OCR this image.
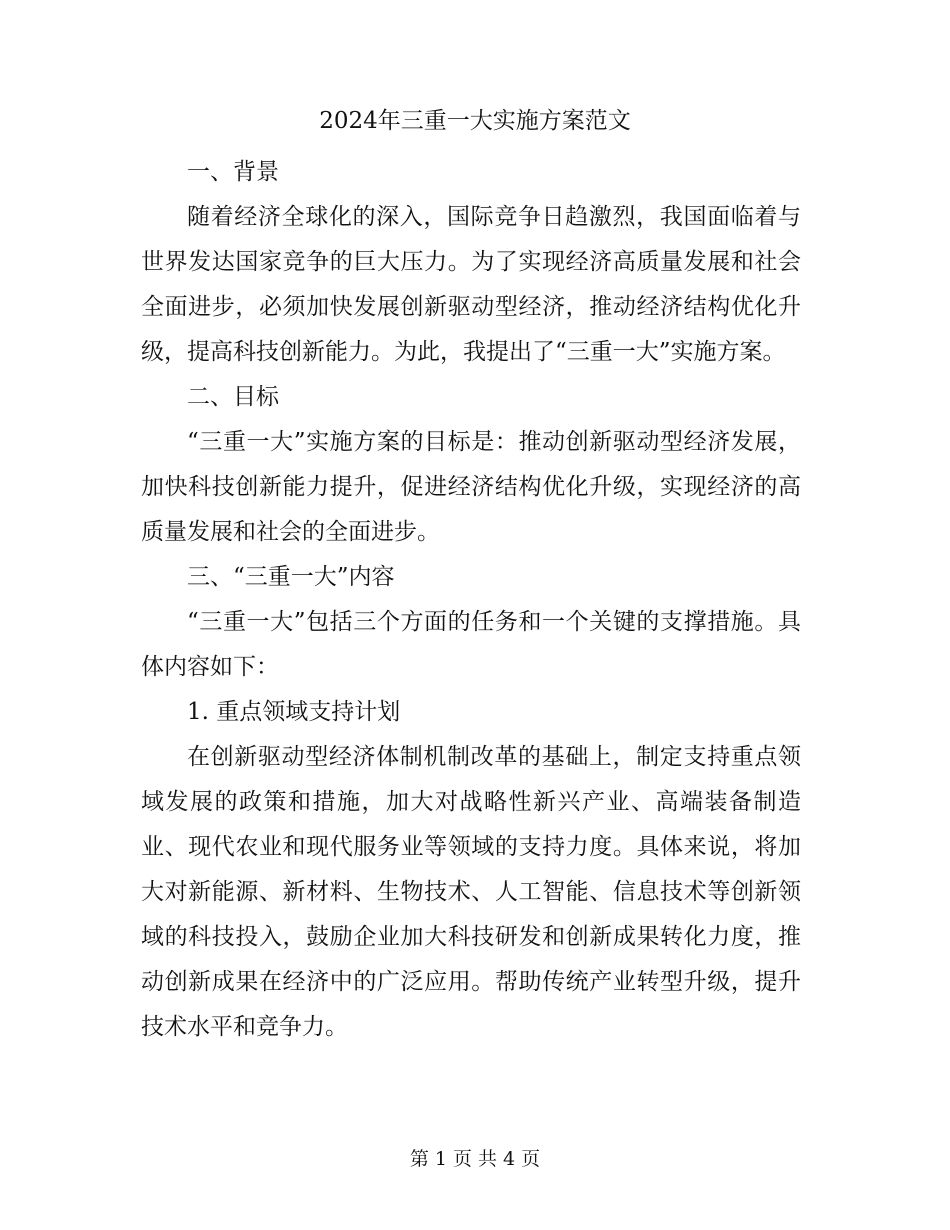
2024年三重一大实施方案范文

一、背景

随着经济全球化的深入，国际竞争日趋激烈，我国面临着与世界发达国家竞争的巨大压力。为了实现经济高质量发展和社会全面进步，必须加快发展创新驱动型经济，推动经济结构优化升级，提高科技创新能力。为此，我提出了“三重一大”实施方案。

二、目标

“三重一大”实施方案的目标是：推动创新驱动型经济发展，加快科技创新能力提升，促进经济结构优化升级，实现经济的高质量发展和社会的全面进步。

三、“三重一大”内容

“三重一大”包括三个方面的任务和一个关键的支撑措施。具体内容如下：

1. 重点领域支持计划

在创新驱动型经济体制机制改革的基础上，制定支持重点领域发展的政策和措施，加大对战略性新兴产业、高端装备制造业、现代农业和现代服务业等领域的支持力度。具体来说，将加大对新能源、新材料、生物技术、人工智能、信息技术等创新领域的科技投入，鼓励企业加大科技研发和创新成果转化力度，推动创新成果在经济中的广泛应用。帮助传统产业转型升级，提升技术水平和竞争力。

第 1 页 共 4 页
